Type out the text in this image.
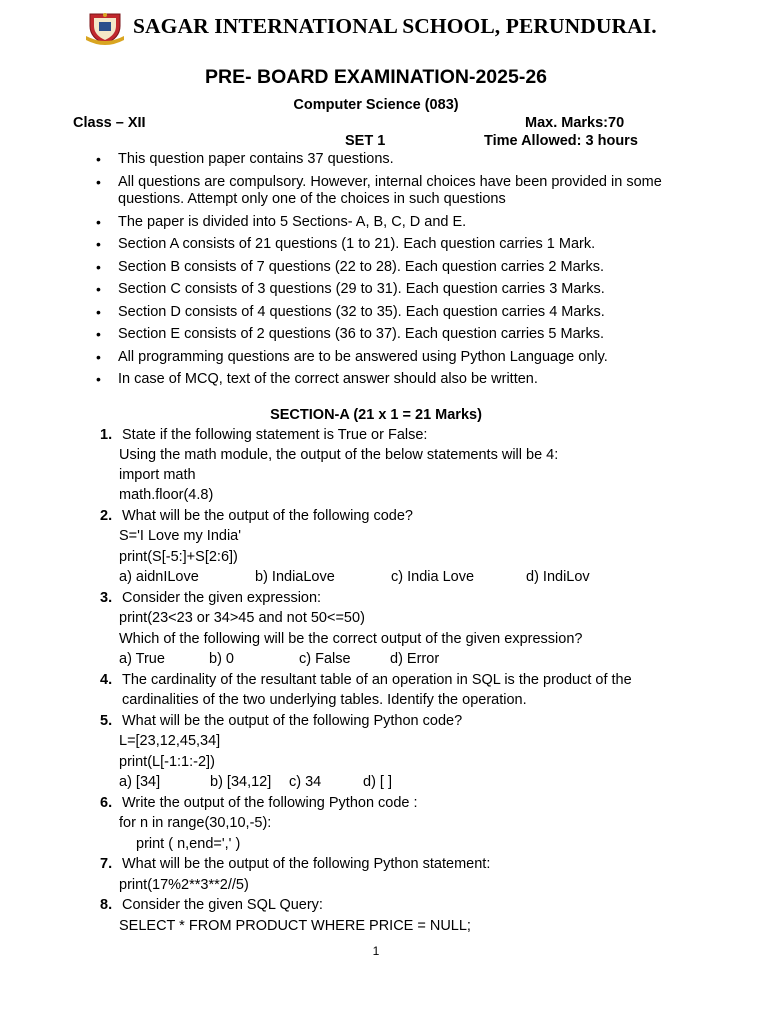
SAGAR INTERNATIONAL SCHOOL, PERUNDURAI.
PRE- BOARD EXAMINATION-2025-26
Computer Science (083)
Class – XII	Max. Marks:70
SET 1	Time Allowed: 3 hours
• This question paper contains 37 questions.
• All questions are compulsory. However, internal choices have been provided in some questions. Attempt only one of the choices in such questions
• The paper is divided into 5 Sections- A, B, C, D and E.
• Section A consists of 21 questions (1 to 21). Each question carries 1 Mark.
• Section B consists of 7 questions (22 to 28). Each question carries 2 Marks.
• Section C consists of 3 questions (29 to 31). Each question carries 3 Marks.
• Section D consists of 4 questions (32 to 35). Each question carries 4 Marks.
• Section E consists of 2 questions (36 to 37). Each question carries 5 Marks.
• All programming questions are to be answered using Python Language only.
• In case of MCQ, text of the correct answer should also be written.
SECTION-A (21 x 1 = 21 Marks)
1. State if the following statement is True or False:
Using the math module, the output of the below statements will be 4:
import math
math.floor(4.8)
2. What will be the output of the following code?
S='I Love my India'
print(S[-5:]+S[2:6])
a) aidnILove	b) IndiaLove	c) India Love	d) IndiLov
3. Consider the given expression:
print(23<23 or 34>45 and not 50<=50)
Which of the following will be the correct output of the given expression?
a) True	b) 0	c) False	d) Error
4. The cardinality of the resultant table of an operation in SQL is the product of the
cardinalities of the two underlying tables. Identify the operation.
5. What will be the output of the following Python code?
L=[23,12,45,34]
print(L[-1:1:-2])
a) [34]	b) [34,12] c) 34	d) [ ]
6. Write the output of the following Python code :
for n in range(30,10,-5):
print ( n,end=',' )
7. What will be the output of the following Python statement:
print(17%2**3**2//5)
8. Consider the given SQL Query:
SELECT * FROM PRODUCT WHERE PRICE = NULL;
1
